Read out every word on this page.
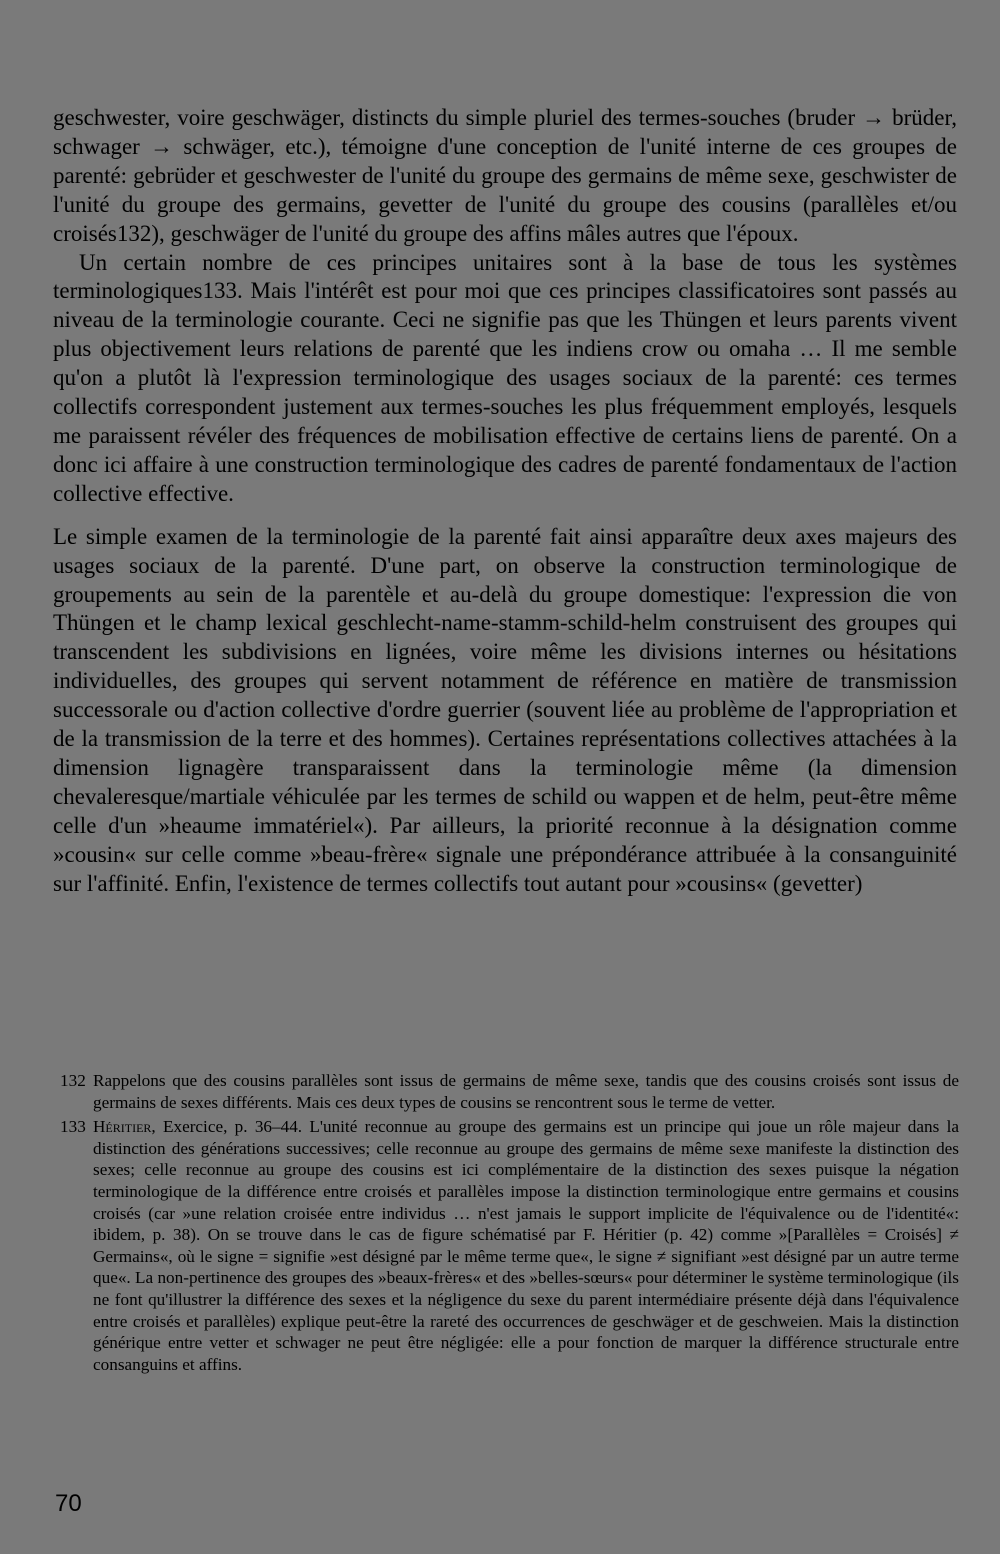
geschwester, voire geschwäger, distincts du simple pluriel des termes-souches (bruder → brüder, schwager → schwäger, etc.), témoigne d'une conception de l'unité interne de ces groupes de parenté: gebrüder et geschwester de l'unité du groupe des germains de même sexe, geschwister de l'unité du groupe des germains, gevetter de l'unité du groupe des cousins (parallèles et/ou croisés132), geschwäger de l'unité du groupe des affins mâles autres que l'époux.

Un certain nombre de ces principes unitaires sont à la base de tous les systèmes terminologiques133. Mais l'intérêt est pour moi que ces principes classificatoires sont passés au niveau de la terminologie courante. Ceci ne signifie pas que les Thüngen et leurs parents vivent plus objectivement leurs relations de parenté que les indiens crow ou omaha … Il me semble qu'on a plutôt là l'expression terminologique des usages sociaux de la parenté: ces termes collectifs correspondent justement aux termes-souches les plus fréquemment employés, lesquels me paraissent révéler des fréquences de mobilisation effective de certains liens de parenté. On a donc ici affaire à une construction terminologique des cadres de parenté fondamentaux de l'action collective effective.

Le simple examen de la terminologie de la parenté fait ainsi apparaître deux axes majeurs des usages sociaux de la parenté. D'une part, on observe la construction terminologique de groupements au sein de la parentèle et au-delà du groupe domestique: l'expression die von Thüngen et le champ lexical geschlecht-name-stamm-schild-helm construisent des groupes qui transcendent les subdivisions en lignées, voire même les divisions internes ou hésitations individuelles, des groupes qui servent notamment de référence en matière de transmission successorale ou d'action collective d'ordre guerrier (souvent liée au problème de l'appropriation et de la transmission de la terre et des hommes). Certaines représentations collectives attachées à la dimension lignagère transparaissent dans la terminologie même (la dimension chevaleresque/martiale véhiculée par les termes de schild ou wappen et de helm, peut-être même celle d'un »heaume immatériel«). Par ailleurs, la priorité reconnue à la désignation comme »cousin« sur celle comme »beau-frère« signale une prépondérance attribuée à la consanguinité sur l'affinité. Enfin, l'existence de termes collectifs tout autant pour »cousins« (gevetter)

132 Rappelons que des cousins parallèles sont issus de germains de même sexe, tandis que des cousins croisés sont issus de germains de sexes différents. Mais ces deux types de cousins se rencontrent sous le terme de vetter.

133 Héritier, Exercice, p. 36–44. L'unité reconnue au groupe des germains est un principe qui joue un rôle majeur dans la distinction des générations successives; celle reconnue au groupe des germains de même sexe manifeste la distinction des sexes; celle reconnue au groupe des cousins est ici complémentaire de la distinction des sexes puisque la négation terminologique de la différence entre croisés et parallèles impose la distinction terminologique entre germains et cousins croisés (car »une relation croisée entre individus … n'est jamais le support implicite de l'équivalence ou de l'identité«: ibidem, p. 38). On se trouve dans le cas de figure schématisé par F. Héritier (p. 42) comme »[Parallèles = Croisés] ≠ Germains«, où le signe = signifie »est désigné par le même terme que«, le signe ≠ signifiant »est désigné par un autre terme que«. La non-pertinence des groupes des »beaux-frères« et des »belles-sœurs« pour déterminer le système terminologique (ils ne font qu'illustrer la différence des sexes et la négligence du sexe du parent intermédiaire présente déjà dans l'équivalence entre croisés et parallèles) explique peut-être la rareté des occurrences de geschwäger et de geschweien. Mais la distinction générique entre vetter et schwager ne peut être négligée: elle a pour fonction de marquer la différence structurale entre consanguins et affins.

70
